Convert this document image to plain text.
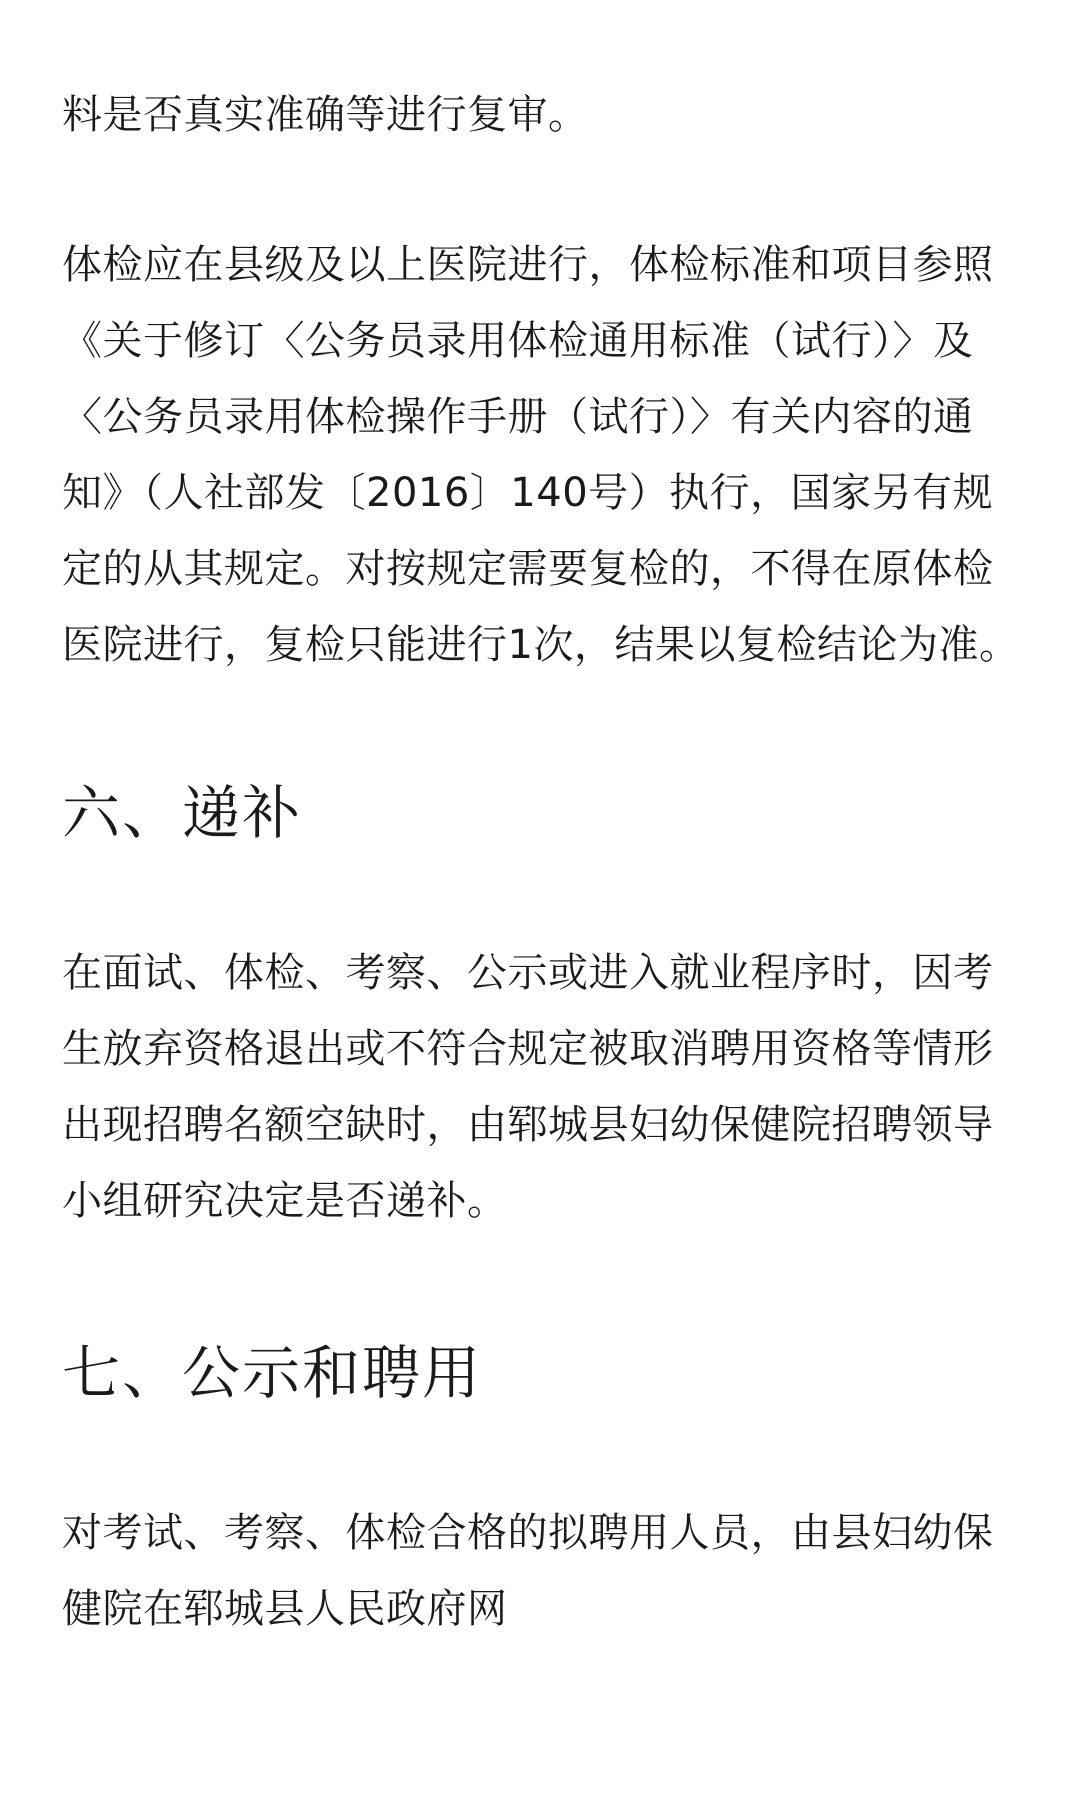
料是否真实准确等进行复审。

体检应在县级及以上医院进行，体检标准和项目参照《关于修订〈公务员录用体检通用标准（试行）〉及〈公务员录用体检操作手册（试行）〉有关内容的通知》（人社部发〔2016〕140号）执行，国家另有规定的从其规定。对按规定需要复检的，不得在原体检医院进行，复检只能进行1次，结果以复检结论为准。

六、递补

在面试、体检、考察、公示或进入就业程序时，因考生放弃资格退出或不符合规定被取消聘用资格等情形出现招聘名额空缺时，由郓城县妇幼保健院招聘领导小组研究决定是否递补。

七、公示和聘用

对考试、考察、体检合格的拟聘用人员，由县妇幼保健院在郓城县人民政府网
